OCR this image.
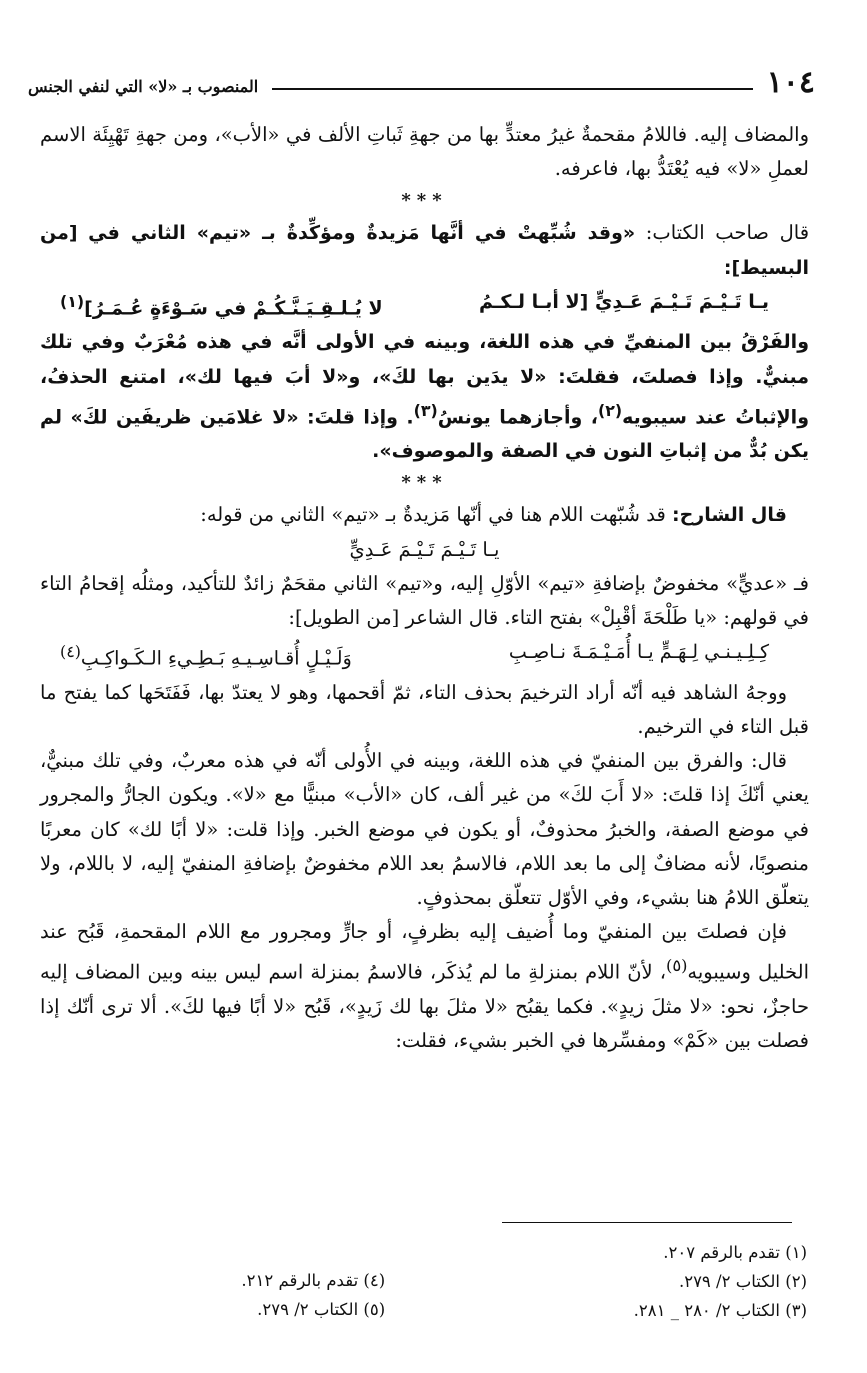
١٠٤
المنصوب بـ «لا» التي لنفي الجنس

والمضاف إليه. فاللامُ مقحمةٌ غيرُ معتدٍّ بها من جهةِ ثَباتِ الألف في «الأب»، ومن جهةِ تَهْيِئَة الاسم لعملِ «لا» فيه يُعْتَدُّ بها، فاعرفه.

***

قال صاحب الكتاب: «وقد شُبِّهتْ في أنَّها مَزيدةٌ ومؤكِّدةٌ بـ «تيم» الثاني في [من البسيط]:

يـا تَـيْـمَ تَـيْـمَ عَـدِيٍّ [لا أبـا لـكـمُ
لا يُـلـقِـيَـنَّـكُـمْ في سَـوْءَةٍ عُـمَـرُ]$^{(١)}$

والفَرْقُ بين المنفيِّ في هذه اللغة، وبينه في الأولى أنَّه في هذه مُعْرَبٌ وفي تلك مبنيٌّ. وإذا فصلتَ، فقلتَ: «لا يدَين بها لكَ»، و«لا أبَ فيها لك»، امتنع الحذفُ، والإثباتُ عند سيبويه$^{(٢)}$، وأجازهما يونسُ$^{(٣)}$. وإذا قلتَ: «لا غلامَين ظريفَين لكَ» لم يكن بُدٌّ من إثباتِ النون في الصفة والموصوف».

***

قال الشارح: قد شُبّهت اللام هنا في أنّها مَزيدةٌ بـ «تيم» الثاني من قوله:

يـا تَـيْـمَ تَـيْـمَ عَـدِيٍّ

فـ «عديٍّ» مخفوضٌ بإضافةِ «تيم» الأوّلِ إليه، و«تيم» الثاني مقحَمٌ زائدٌ للتأكيد، ومثلُه إقحامُ التاء في قولهم: «يا طَلْحَةَ أقْبِلْ» بفتح التاء. قال الشاعر [من الطويل]:

كِـلِـيـنـي لِـهَـمٍّ يـا أُمَـيْـمَـةَ نـاصِـبِ
وَلَـيْـلٍ أُقـاسِـيـهِ بَـطِـيءِ الـكَـواكِـبِ$^{(٤)}$

ووجهُ الشاهد فيه أنّه أراد الترخيمَ بحذف التاء، ثمّ أقحمها، وهو لا يعتدّ بها، فَفَتَحَها كما يفتح ما قبل التاء في الترخيم.

قال: والفرق بين المنفيّ في هذه اللغة، وبينه في الأُولى أنّه في هذه معربٌ، وفي تلك مبنيٌّ، يعني أنّكَ إذا قلتَ: «لا أَبَ لكَ» من غير ألف، كان «الأب» مبنيًّا مع «لا». ويكون الجارُّ والمجرور في موضع الصفة، والخبرُ محذوفٌ، أو يكون في موضع الخبر. وإذا قلت: «لا أبًا لك» كان معربًا منصوبًا، لأنه مضافٌ إلى ما بعد اللام، فالاسمُ بعد اللام مخفوضٌ بإضافةِ المنفيّ إليه، لا باللام، ولا يتعلّق اللامُ هنا بشيء، وفي الأوّل تتعلّق بمحذوفٍ.

فإن فصلتَ بين المنفيّ وما أُضيف إليه بظرفٍ، أو جارٍّ ومجرور مع اللام المقحمةِ، قَبُح عند الخليل وسيبويه$^{(٥)}$، لأنّ اللام بمنزلةِ ما لم يُذكَر، فالاسمُ بمنزلة اسم ليس بينه وبين المضاف إليه حاجزٌ، نحو: «لا مثلَ زيدٍ». فكما يقبُح «لا مثلَ بها لك زَيدٍ»، قَبُح «لا أبًا فيها لكَ». ألا ترى أنّك إذا فصلت بين «كَمْ» ومفسِّرها في الخبر بشيء، فقلت:

(١) تقدم بالرقم ٢٠٧.
(٢) الكتاب ٢/ ٢٧٩.
(٣) الكتاب ٢/ ٢٨٠ _ ٢٨١.
(٤) تقدم بالرقم ٢١٢.
(٥) الكتاب ٢/ ٢٧٩.
